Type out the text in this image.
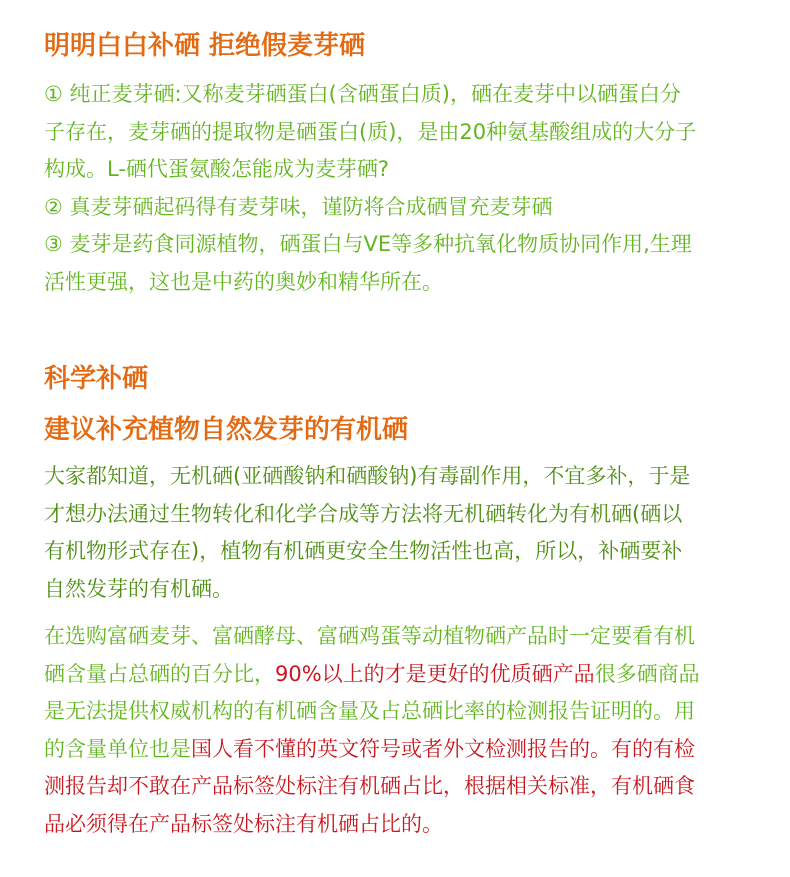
明明白白补硒 拒绝假麦芽硒
① 纯正麦芽硒:又称麦芽硒蛋白(含硒蛋白质)，硒在麦芽中以硒蛋白分
子存在，麦芽硒的提取物是硒蛋白(质)，是由20种氨基酸组成的大分子
构成。L-硒代蛋氨酸怎能成为麦芽硒?
② 真麦芽硒起码得有麦芽味，谨防将合成硒冒充麦芽硒
③ 麦芽是药食同源植物，硒蛋白与VE等多种抗氧化物质协同作用,生理
活性更强，这也是中药的奥妙和精华所在。
科学补硒
建议补充植物自然发芽的有机硒
大家都知道，无机硒(亚硒酸钠和硒酸钠)有毒副作用，不宜多补，于是
才想办法通过生物转化和化学合成等方法将无机硒转化为有机硒(硒以
有机物形式存在)，植物有机硒更安全生物活性也高，所以，补硒要补
自然发芽的有机硒。
在选购富硒麦芽、富硒酵母、富硒鸡蛋等动植物硒产品时一定要看有机
硒含量占总硒的百分比，90%以上的才是更好的优质硒产品很多硒商品
是无法提供权威机构的有机硒含量及占总硒比率的检测报告证明的。用
的含量单位也是国人看不懂的英文符号或者外文检测报告的。有的有检
测报告却不敢在产品标签处标注有机硒占比，根据相关标准，有机硒食
品必须得在产品标签处标注有机硒占比的。
